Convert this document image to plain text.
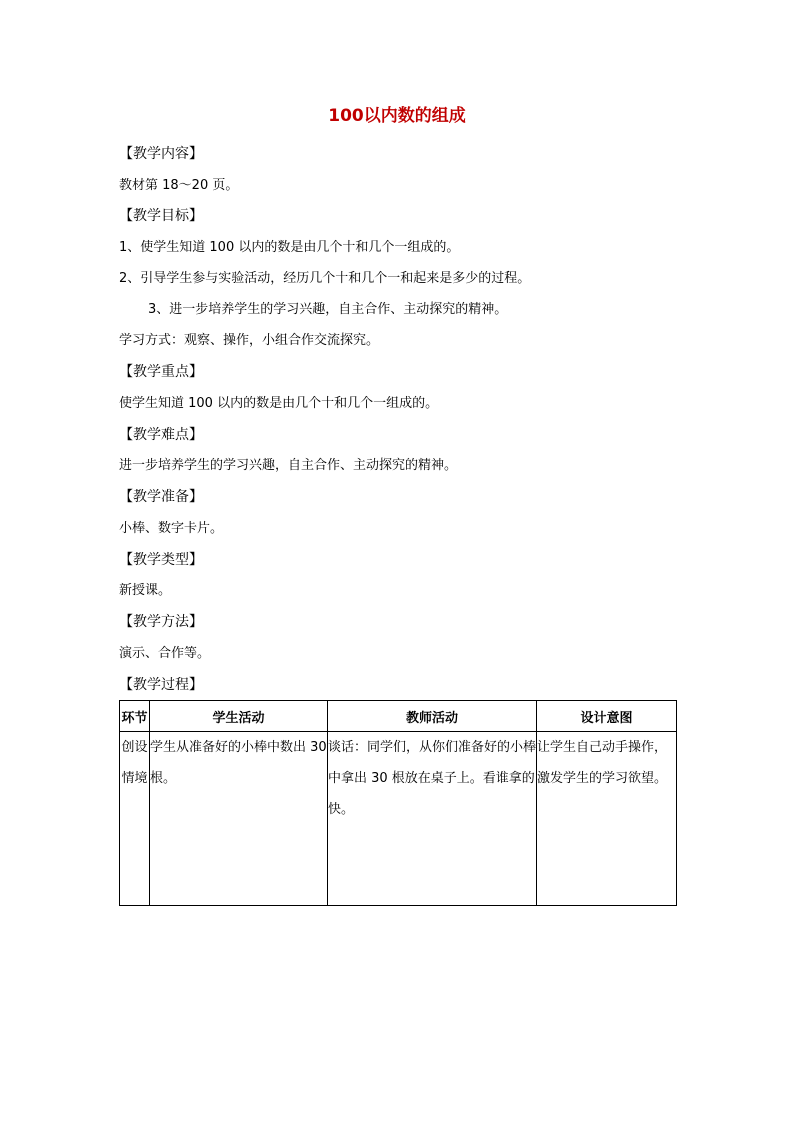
100以内数的组成
【教学内容】
教材第 18～20 页。
【教学目标】
1、使学生知道 100 以内的数是由几个十和几个一组成的。
2、引导学生参与实验活动，经历几个十和几个一和起来是多少的过程。
3、进一步培养学生的学习兴趣，自主合作、主动探究的精神。
学习方式：观察、操作，小组合作交流探究。
【教学重点】
使学生知道 100 以内的数是由几个十和几个一组成的。
【教学难点】
进一步培养学生的学习兴趣，自主合作、主动探究的精神。
【教学准备】
小棒、数字卡片。
【教学类型】
新授课。
【教学方法】
演示、合作等。
【教学过程】
环节	学生活动	教师活动	设计意图

创设
情境	学生从准备好的小棒中数出 30 根。	谈话：同学们，从你们准备好的小棒中拿出 30 根放在桌子上。看谁拿的快。	让学生自己动手操作，激发学生的学习欲望。
